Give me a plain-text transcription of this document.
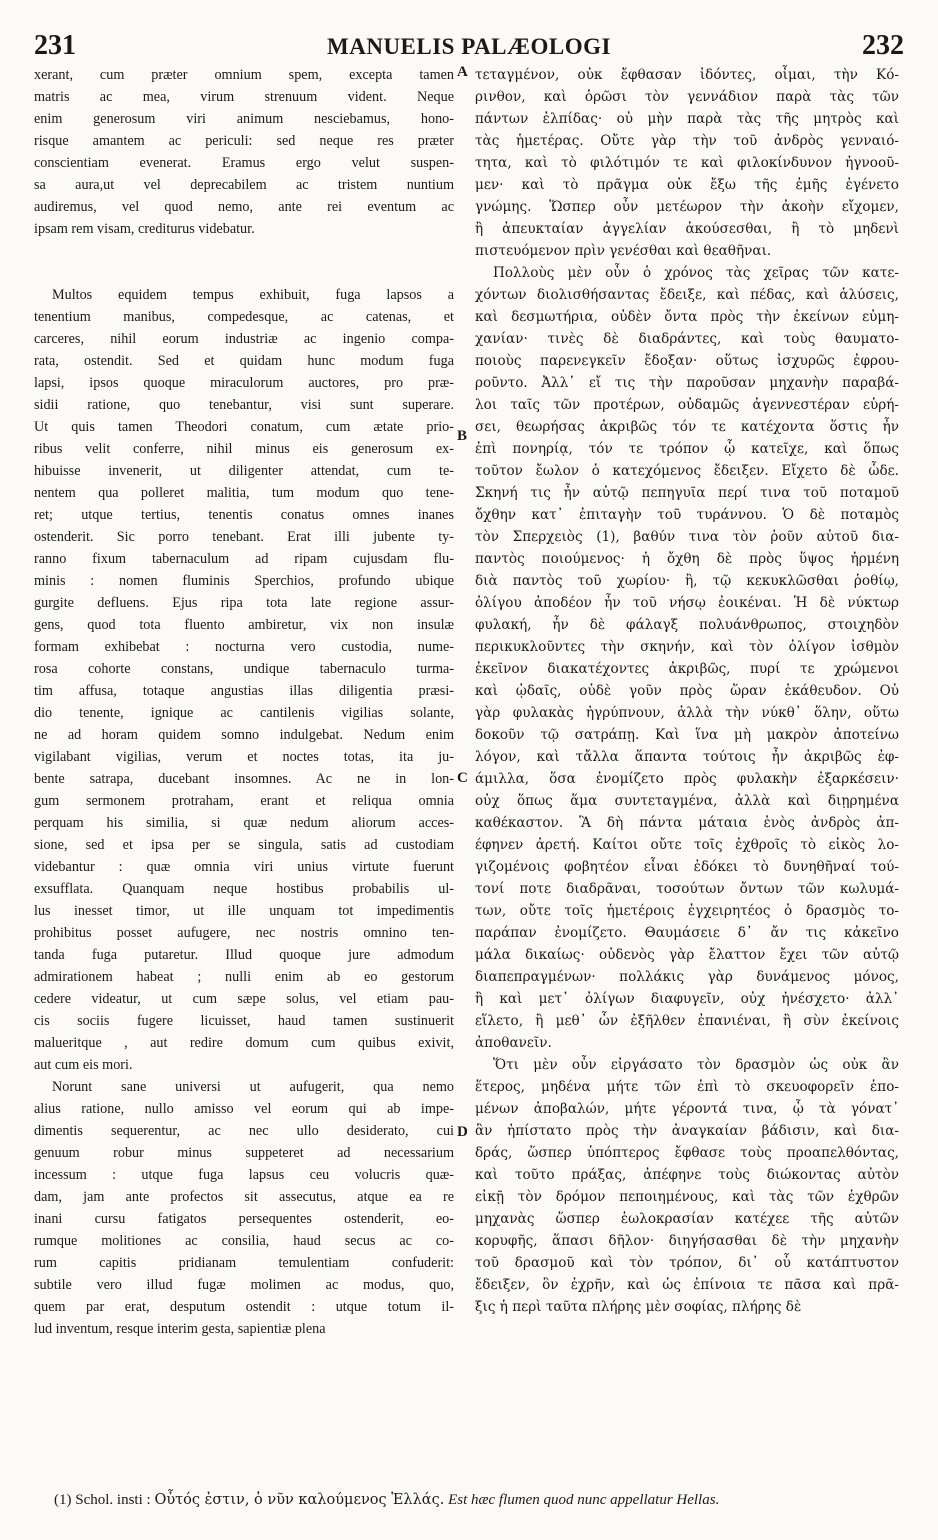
231	MANUELIS PALÆOLOGI	232

xerant, cum præter omnium spem, excepta tamen
matris ac mea, virum strenuum vident. Neque
enim generosum viri animum nesciebamus, hono-
risque amantem ac periculi: sed neque res præter
conscientiam evenerat. Eramus ergo velut suspen-
sa aura,ut vel deprecabilem ac tristem nuntium
audiremus, vel quod nemo, ante rei eventum ac
ipsam rem visam, crediturus videbatur.

Multos equidem tempus exhibuit, fuga lapsos a
tenentium manibus, compedesque, ac catenas, et
carceres, nihil eorum industriæ ac ingenio compa-
rata, ostendit. Sed et quidam hunc modum fuga
lapsi, ipsos quoque miraculorum auctores, pro præ-
sidii ratione, quo tenebantur, visi sunt superare.
Ut quis tamen Theodori conatum, cum ætate prio-
ribus velit conferre, nihil minus eis generosum ex-
hibuisse invenerit, ut diligenter attendat, cum te-
nentem qua polleret malitia, tum modum quo tene-
ret; utque tertius, tenentis conatus omnes inanes
ostenderit. Sic porro tenebant. Erat illi jubente ty-
ranno fixum tabernaculum ad ripam cujusdam flu-
minis : nomen fluminis Sperchios, profundo ubique
gurgite defluens. Ejus ripa tota late regione assur-
gens, quod tota fluento ambiretur, vix non insulæ
formam exhibebat : nocturna vero custodia, nume-
rosa cohorte constans, undique tabernaculo turma-
tim affusa, totaque angustias illas diligentia præsi-
dio tenente, ignique ac cantilenis vigilias solante,
ne ad horam quidem somno indulgebat. Nedum enim
vigilabant vigilias, verum et noctes totas, ita ju-
bente satrapa, ducebant insomnes. Ac ne in lon-
gum sermonem protraham, erant et reliqua omnia
perquam his similia, si quæ nedum aliorum acces-
sione, sed et ipsa per se singula, satis ad custodiam
videbantur : quæ omnia viri unius virtute fuerunt
exsufflata. Quanquam neque hostibus probabilis ul-
lus inesset timor, ut ille unquam tot impedimentis
prohibitus posset aufugere, nec nostris omnino ten-
tanda fuga putaretur. Illud quoque jure admodum
admirationem habeat ; nulli enim ab eo gestorum
cedere videatur, ut cum sæpe solus, vel etiam pau-
cis sociis fugere licuisset, haud tamen sustinuerit
malueritque , aut redire domum cum quibus exivit,
aut cum eis mori.

Norunt sane universi ut aufugerit, qua nemo
alius ratione, nullo amisso vel eorum qui ab impe-
dimentis sequerentur, ac nec ullo desiderato, cui
genuum robur minus suppeteret ad necessarium
incessum : utque fuga lapsus ceu volucris quæ-
dam, jam ante profectos sit assecutus, atque ea re
inani cursu fatigatos persequentes ostenderit, eo-
rumque molitiones ac consilia, haud secus ac co-
rum capitis pridianam temulentiam confuderit:
subtile vero illud fugæ molimen ac modus, quo,
quem par erat, desputum ostendit : utque totum il-
lud inventum, resque interim gesta, sapientiæ plena

τεταγμένον, οὐκ ἔφθασαν ἰδόντες, οἶμαι, τὴν Κό-
ρινθον, καὶ ὁρῶσι τὸν γεννάδιον παρὰ τὰς τῶν
πάντων ἐλπίδας· οὐ μὴν παρὰ τὰς τῆς μητρὸς καὶ
τὰς ἡμετέρας. Οὔτε γὰρ τὴν τοῦ ἀνδρὸς γενναιό-
τητα, καὶ τὸ φιλότιμόν τε καὶ φιλοκίνδυνον ἠγνοοῦ-
μεν· καὶ τὸ πρᾶγμα οὐκ ἔξω τῆς ἐμῆς ἐγένετο
γνώμης. Ὥσπερ οὖν μετέωρον τὴν ἀκοὴν εἴχομεν,
ἢ ἀπευκταίαν ἀγγελίαν ἀκούσεσθαι, ἢ τὸ μηδενὶ
πιστευόμενον πρὶν γενέσθαι καὶ θεαθῆναι.

Πολλοὺς μὲν οὖν ὁ χρόνος τὰς χεῖρας τῶν κατε-
χόντων διολισθήσαντας ἔδειξε, καὶ πέδας, καὶ ἁλύσεις,
καὶ δεσμωτήρια, οὐδὲν ὄντα πρὸς τὴν ἐκείνων εὐμη-
χανίαν· τινὲς δὲ διαδράντες, καὶ τοὺς θαυματο-
ποιοὺς παρενεγκεῖν ἔδοξαν· οὕτως ἰσχυρῶς ἐφρου-
ροῦντο. Ἀλλ᾽ εἴ τις τὴν παροῦσαν μηχανὴν παραβά-
λοι ταῖς τῶν προτέρων, οὐδαμῶς ἀγεννεστέραν εὑρή-
σει, θεωρήσας ἀκριβῶς τόν τε κατέχοντα ὅστις ἦν
ἐπὶ πονηρίᾳ, τόν τε τρόπον ᾧ κατεῖχε, καὶ ὅπως
τοῦτον ἔωλον ὁ κατεχόμενος ἔδειξεν. Εἴχετο δὲ ὧδε.
Σκηνή τις ἦν αὐτῷ πεπηγυῖα περί τινα τοῦ ποταμοῦ
ὄχθην κατ᾽ ἐπιταγὴν τοῦ τυράννου. Ὁ δὲ ποταμὸς
τὸν Σπερχειὸς (1), βαθύν τινα τὸν ῥοῦν αὐτοῦ δια-
παντὸς ποιούμενος· ἡ ὄχθη δὲ πρὸς ὕψος ἠρμένη
διὰ παντὸς τοῦ χωρίου· ἢ, τῷ κεκυκλῶσθαι ῥοθίῳ,
ὀλίγου ἀποδέον ἦν τοῦ νήσῳ ἐοικέναι. Ἡ δὲ νύκτωρ
φυλακή, ἦν δὲ φάλαγξ πολυάνθρωπος, στοιχηδὸν
περικυκλοῦντες τὴν σκηνήν, καὶ τὸν ὀλίγον ἰσθμὸν
ἐκεῖνον διακατέχοντες ἀκριβῶς, πυρί τε χρώμενοι
καὶ ᾠδαῖς, οὐδὲ γοῦν πρὸς ὥραν ἐκάθευδον. Οὐ
γὰρ φυλακὰς ἠγρύπνουν, ἀλλὰ τὴν νύκθ᾽ ὅλην, οὕτω
δοκοῦν τῷ σατράπῃ. Καὶ ἵνα μὴ μακρὸν ἀποτείνω
λόγον, καὶ τἄλλα ἅπαντα τούτοις ἦν ἀκριβῶς ἐφ-
άμιλλα, ὅσα ἐνομίζετο πρὸς φυλακὴν ἐξαρκέσειν·
οὐχ ὅπως ἅμα συντεταγμένα, ἀλλὰ καὶ διῃρημένα
καθέκαστον. Ἃ δὴ πάντα μάταια ἑνὸς ἀνδρὸς ἀπ-
έφηνεν ἀρετή. Καίτοι οὔτε τοῖς ἐχθροῖς τὸ εἰκὸς λο-
γιζομένοις φοβητέον εἶναι ἐδόκει τὸ δυνηθῆναί τού-
τονί ποτε διαδρᾶναι, τοσούτων ὄντων τῶν κωλυμά-
των, οὔτε τοῖς ἡμετέροις ἐγχειρητέος ὁ δρασμὸς το-
παράπαν ἐνομίζετο. Θαυμάσειε δ᾽ ἄν τις κἀκεῖνο
μάλα δικαίως· οὐδενὸς γὰρ ἔλαττον ἔχει τῶν αὐτῷ
διαπεπραγμένων· πολλάκις γὰρ δυνάμενος μόνος,
ἢ καὶ μετ᾽ ὀλίγων διαφυγεῖν, οὐχ ἠνέσχετο· ἀλλ᾽
εἵλετο, ἢ μεθ᾽ ὧν ἐξῆλθεν ἐπανιέναι, ἢ σὺν ἐκείνοις
ἀποθανεῖν.

Ὅτι μὲν οὖν εἰργάσατο τὸν δρασμὸν ὡς οὐκ ἂν
ἕτερος, μηδένα μήτε τῶν ἐπὶ τὸ σκευοφορεῖν ἑπο-
μένων ἀποβαλών, μήτε γέροντά τινα, ᾧ τὰ γόνατ᾽
ἂν ἠπίστατο πρὸς τὴν ἀναγκαίαν βάδισιν, καὶ δια-
δράς, ὥσπερ ὑπόπτερος ἔφθασε τοὺς προαπελθόντας,
καὶ τοῦτο πράξας, ἀπέφηνε τοὺς διώκοντας αὐτὸν
εἰκῇ τὸν δρόμον πεποιημένους, καὶ τὰς τῶν ἐχθρῶν
μηχανὰς ὥσπερ ἑωλοκρασίαν κατέχεε τῆς αὐτῶν
κορυφῆς, ἅπασι δῆλον· διηγήσασθαι δὲ τὴν μηχανὴν
τοῦ δρασμοῦ καὶ τὸν τρόπον, δι᾽ οὗ κατάπτυστον
ἔδειξεν, ὃν ἐχρῆν, καὶ ὡς ἐπίνοια τε πᾶσα καὶ πρᾶ-
ξις ἡ περὶ ταῦτα πλήρης μὲν σοφίας, πλήρης δὲ

A
B
C
D
(1) Schol. insti : Οὗτός ἐστιν, ὁ νῦν καλούμενος Ἑλλάς. Est hæc flumen quod nunc appellatur Hellas.
